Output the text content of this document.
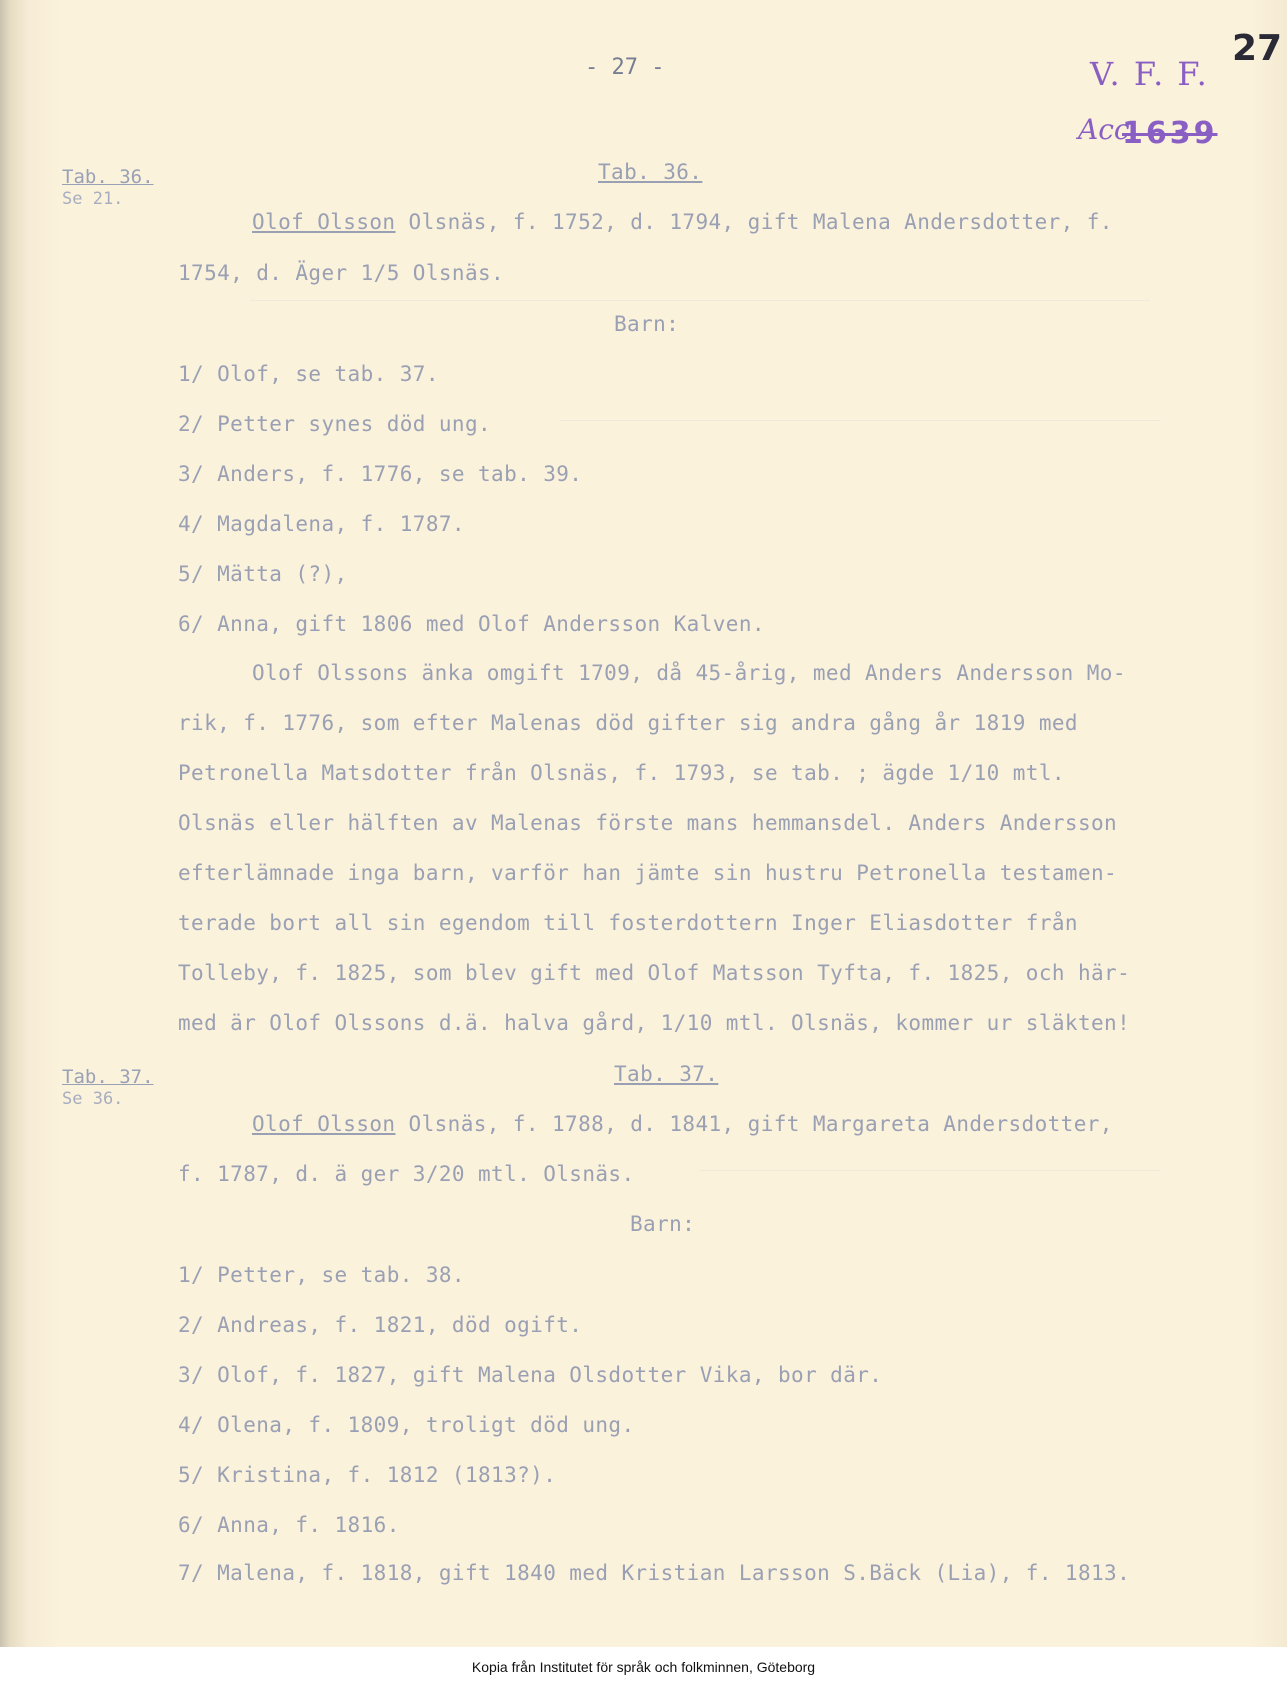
- 27 -	27
V. F. F.
Acc
1639
Tab. 36.
Se 21.
Tab. 36.
Olof Olsson Olsnäs, f. 1752, d. 1794, gift Malena Andersdotter, f.
1754, d. Äger 1/5 Olsnäs.
Barn:
1/ Olof, se tab. 37.
2/ Petter synes död ung.
3/ Anders, f. 1776, se tab. 39.
4/ Magdalena, f. 1787.
5/ Mätta (?),
6/ Anna, gift 1806 med Olof Andersson Kalven.
Olof Olssons änka omgift 1709, då 45-årig, med Anders Andersson Mo-
rik, f. 1776, som efter Malenas död gifter sig andra gång år 1819 med
Petronella Matsdotter från Olsnäs, f. 1793, se tab. ; ägde 1/10 mtl.
Olsnäs eller hälften av Malenas förste mans hemmansdel. Anders Andersson
efterlämnade inga barn, varför han jämte sin hustru Petronella testamen-
terade bort all sin egendom till fosterdottern Inger Eliasdotter från
Tolleby, f. 1825, som blev gift med Olof Matsson Tyfta, f. 1825, och här-
med är Olof Olssons d.ä. halva gård, 1/10 mtl. Olsnäs, kommer ur släkten!
Tab. 37.
Se 36.
Tab. 37.
Olof Olsson Olsnäs, f. 1788, d. 1841, gift Margareta Andersdotter,
f. 1787, d. ä ger 3/20 mtl. Olsnäs.
Barn:
1/ Petter, se tab. 38.
2/ Andreas, f. 1821, död ogift.
3/ Olof, f. 1827, gift Malena Olsdotter Vika, bor där.
4/ Olena, f. 1809, troligt död ung.
5/ Kristina, f. 1812 (1813?).
6/ Anna, f. 1816.
7/ Malena, f. 1818, gift 1840 med Kristian Larsson S.Bäck (Lia), f. 1813.
Kopia från Institutet för språk och folkminnen, Göteborg
